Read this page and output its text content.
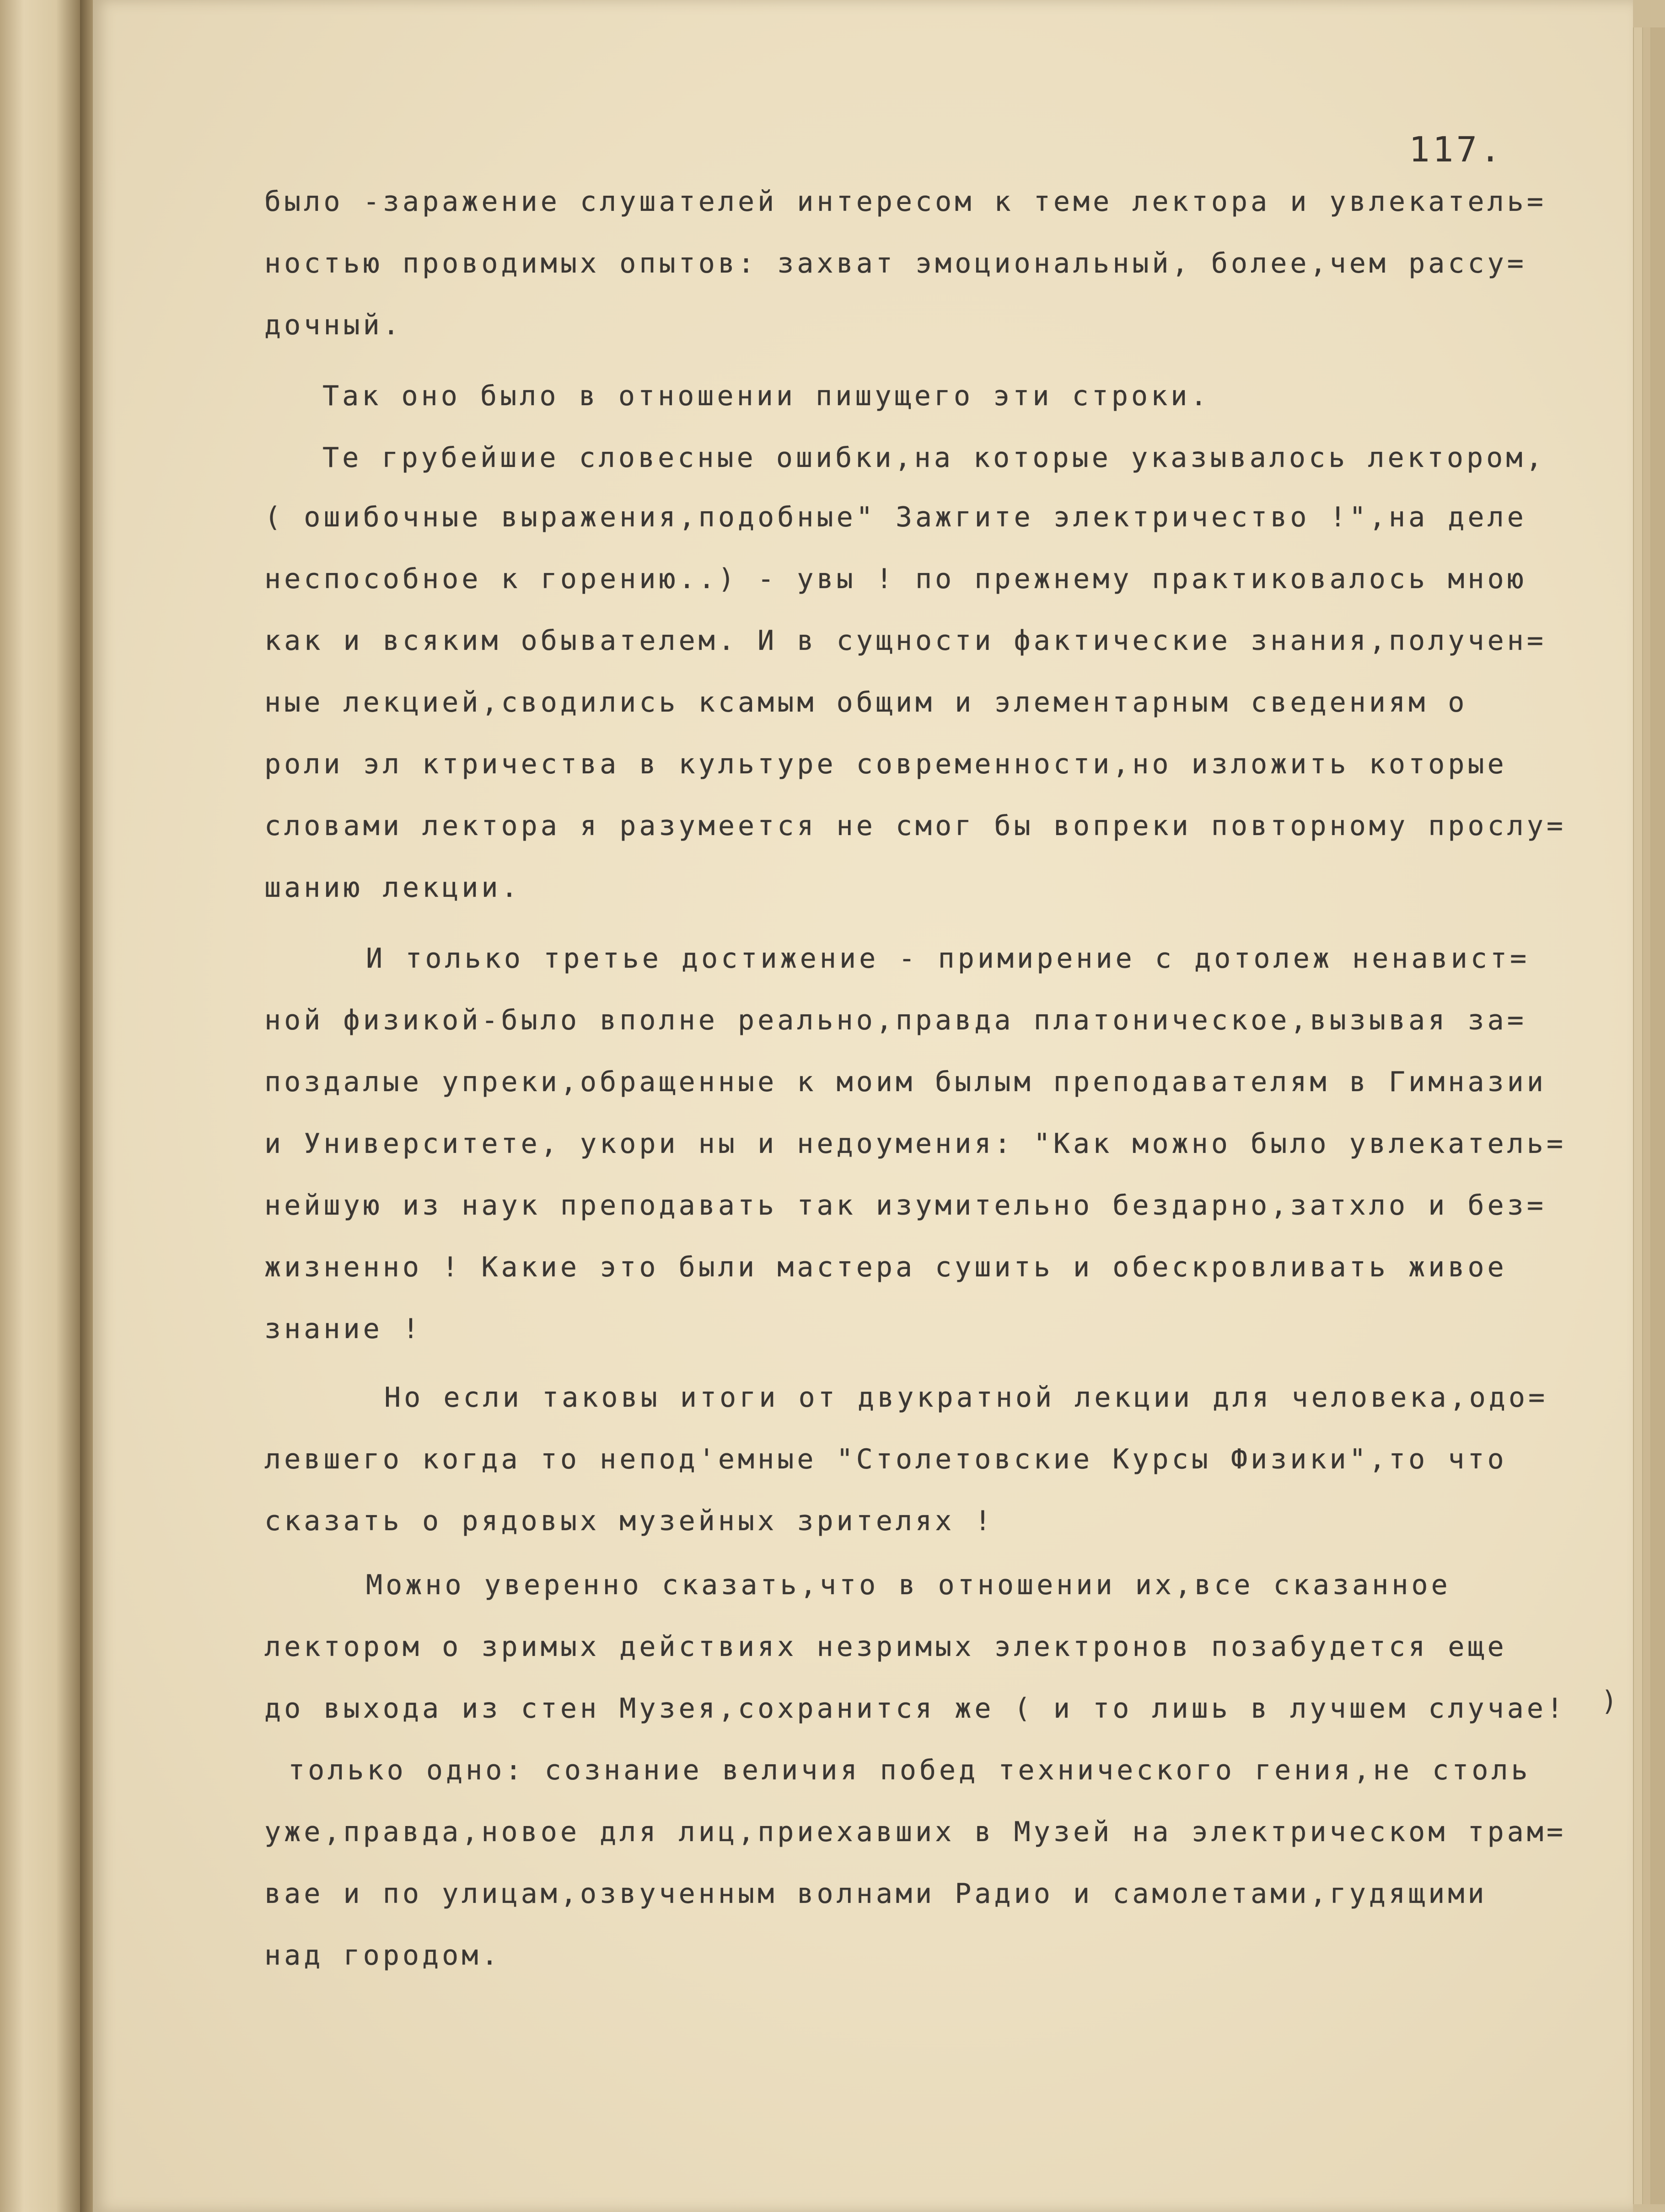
117.
было -заражение слушателей интересом к теме лектора и увлекатель=
ностью проводимых опытов: захват эмоциональный, более,чем рассу=
дочный.
Так оно было в отношении пишущего эти строки.
Те грубейшие словесные ошибки,на которые указывалось лектором,
( ошибочные выражения,подобные" Зажгите электричество !",на деле
неспособное к горению..) - увы ! по прежнему практиковалось мною
как и всяким обывателем. И в сущности фактические знания,получен=
ные лекцией,сводились ксамым общим и элементарным сведениям о
роли эл ктричества в культуре современности,но изложить которые
словами лектора я разумеется не смог бы вопреки повторному прослу=
шанию лекции.
И только третье достижение - примирение с дотолеж ненавист=
ной физикой-было вполне реально,правда платоническое,вызывая за=
поздалые упреки,обращенные к моим былым преподавателям в Гимназии
и Университете, укори ны и недоумения: "Как можно было увлекатель=
нейшую из наук преподавать так изумительно бездарно,затхло и без=
жизненно ! Какие это были мастера сушить и обескровливать живое
знание !
Но если таковы итоги от двукратной лекции для человека,одо=
левшего когда то непод'емные "Столетовские Курсы Физики",то что
сказать о рядовых музейных зрителях !
Можно уверенно сказать,что в отношении их,все сказанное
лектором о зримых действиях незримых электронов позабудется еще
до выхода из стен Музея,сохранится же ( и то лишь в лучшем случае!
только одно: сознание величия побед технического гения,не столь
уже,правда,новое для лиц,приехавших в Музей на электрическом трам=
вае и по улицам,озвученным волнами Радио и самолетами,гудящими
над городом.
)
